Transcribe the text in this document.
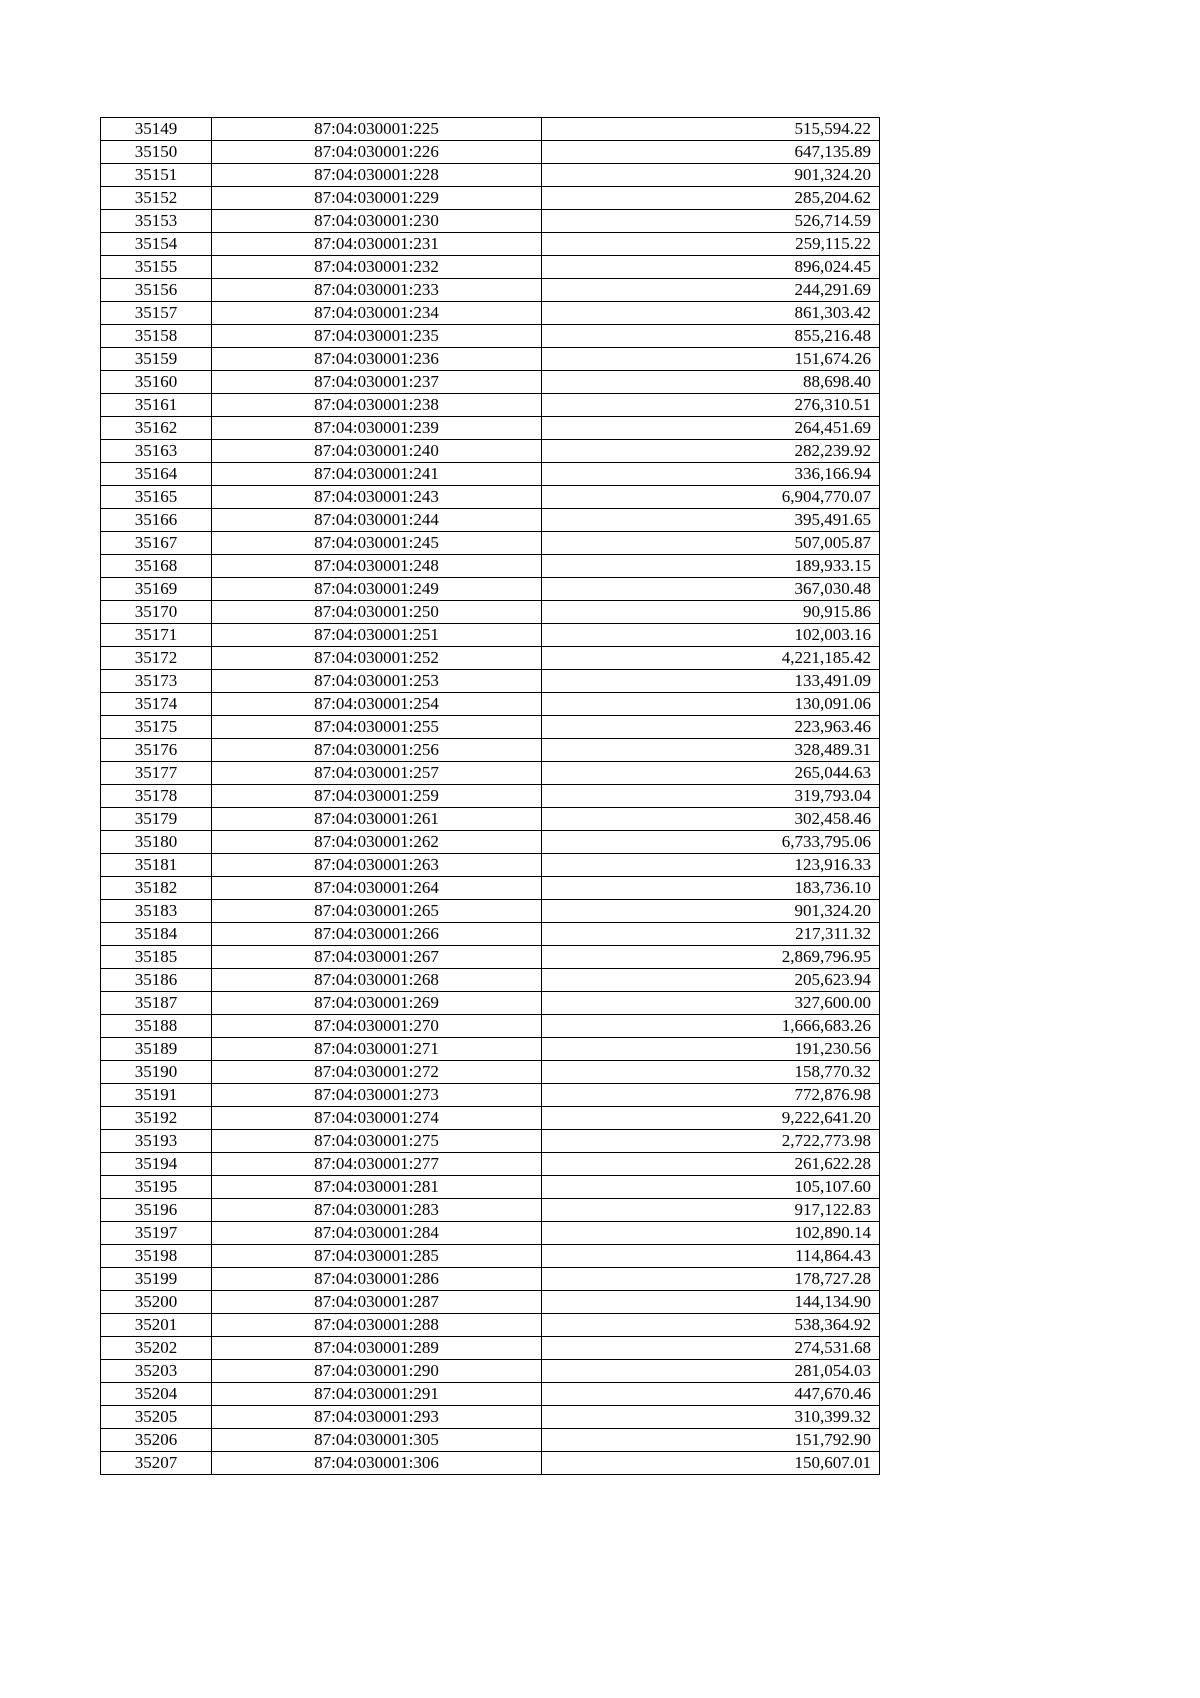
35149	87:04:030001:225	515,594.22
35150	87:04:030001:226	647,135.89
35151	87:04:030001:228	901,324.20
35152	87:04:030001:229	285,204.62
35153	87:04:030001:230	526,714.59
35154	87:04:030001:231	259,115.22
35155	87:04:030001:232	896,024.45
35156	87:04:030001:233	244,291.69
35157	87:04:030001:234	861,303.42
35158	87:04:030001:235	855,216.48
35159	87:04:030001:236	151,674.26
35160	87:04:030001:237	88,698.40
35161	87:04:030001:238	276,310.51
35162	87:04:030001:239	264,451.69
35163	87:04:030001:240	282,239.92
35164	87:04:030001:241	336,166.94
35165	87:04:030001:243	6,904,770.07
35166	87:04:030001:244	395,491.65
35167	87:04:030001:245	507,005.87
35168	87:04:030001:248	189,933.15
35169	87:04:030001:249	367,030.48
35170	87:04:030001:250	90,915.86
35171	87:04:030001:251	102,003.16
35172	87:04:030001:252	4,221,185.42
35173	87:04:030001:253	133,491.09
35174	87:04:030001:254	130,091.06
35175	87:04:030001:255	223,963.46
35176	87:04:030001:256	328,489.31
35177	87:04:030001:257	265,044.63
35178	87:04:030001:259	319,793.04
35179	87:04:030001:261	302,458.46
35180	87:04:030001:262	6,733,795.06
35181	87:04:030001:263	123,916.33
35182	87:04:030001:264	183,736.10
35183	87:04:030001:265	901,324.20
35184	87:04:030001:266	217,311.32
35185	87:04:030001:267	2,869,796.95
35186	87:04:030001:268	205,623.94
35187	87:04:030001:269	327,600.00
35188	87:04:030001:270	1,666,683.26
35189	87:04:030001:271	191,230.56
35190	87:04:030001:272	158,770.32
35191	87:04:030001:273	772,876.98
35192	87:04:030001:274	9,222,641.20
35193	87:04:030001:275	2,722,773.98
35194	87:04:030001:277	261,622.28
35195	87:04:030001:281	105,107.60
35196	87:04:030001:283	917,122.83
35197	87:04:030001:284	102,890.14
35198	87:04:030001:285	114,864.43
35199	87:04:030001:286	178,727.28
35200	87:04:030001:287	144,134.90
35201	87:04:030001:288	538,364.92
35202	87:04:030001:289	274,531.68
35203	87:04:030001:290	281,054.03
35204	87:04:030001:291	447,670.46
35205	87:04:030001:293	310,399.32
35206	87:04:030001:305	151,792.90
35207	87:04:030001:306	150,607.01
